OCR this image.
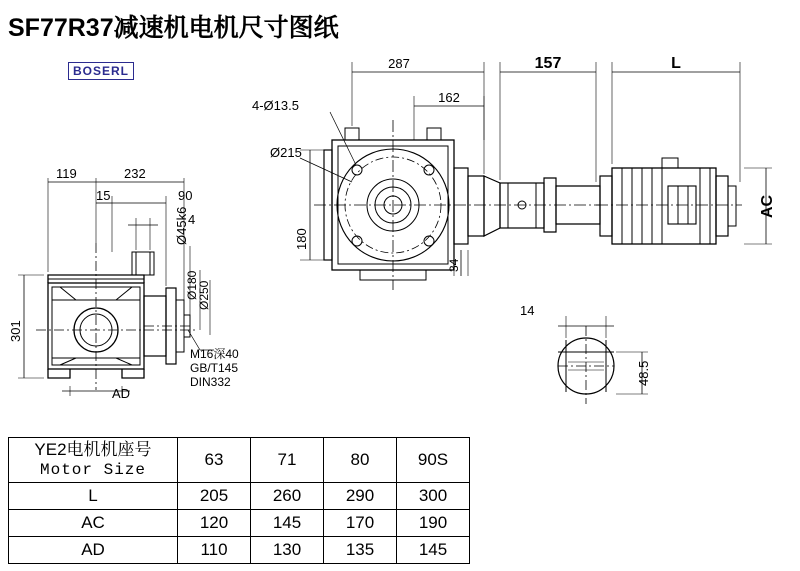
SF77R37减速机电机尺寸图纸
BOSERL
119	232
15	90
4
301
AD
Ø45k6
Ø180
Ø250
M16深40
GB/T145
DIN332
287
162
157	L
4-Ø13.5
Ø215
180
34
AC
14
48.5
YE2电机机座号
Motor Size	63	71	80	90S
L	205	260	290	300
AC	120	145	170	190
AD	110	130	135	145
